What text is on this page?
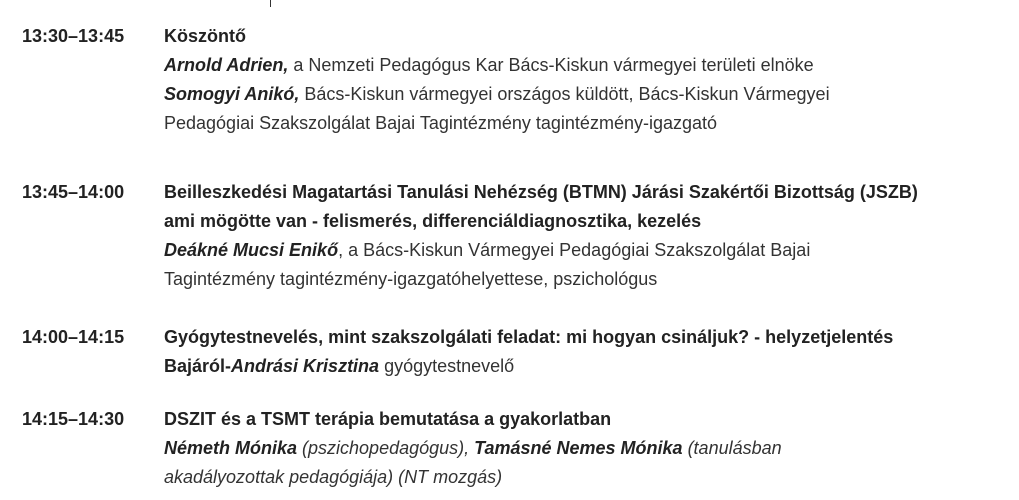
13:30–13:45 Köszöntő
Arnold Adrien, a Nemzeti Pedagógus Kar Bács-Kiskun vármegyei területi elnöke
Somogyi Anikó, Bács-Kiskun vármegyei országos küldött, Bács-Kiskun Vármegyei
Pedagógiai Szakszolgálat Bajai Tagintézmény tagintézmény-igazgató
13:45–14:00 Beilleszkedési Magatartási Tanulási Nehézség (BTMN) Járási Szakértői Bizottság (JSZB)
ami mögötte van - felismerés, differenciáldiagnosztika, kezelés
Deákné Mucsi Enikő, a Bács-Kiskun Vármegyei Pedagógiai Szakszolgálat Bajai
Tagintézmény tagintézmény-igazgatóhelyettese, pszichológus
14:00–14:15 Gyógytestnevelés, mint szakszolgálati feladat: mi hogyan csináljuk? - helyzetjelentés
Bajáról-Andrási Krisztina gyógytestnevelő
14:15–14:30 DSZIT és a TSMT terápia bemutatása a gyakorlatban
Németh Mónika (pszichopedagógus), Tamásné Nemes Mónika (tanulásban
akadályozottak pedagógiája) (NT mozgás)
